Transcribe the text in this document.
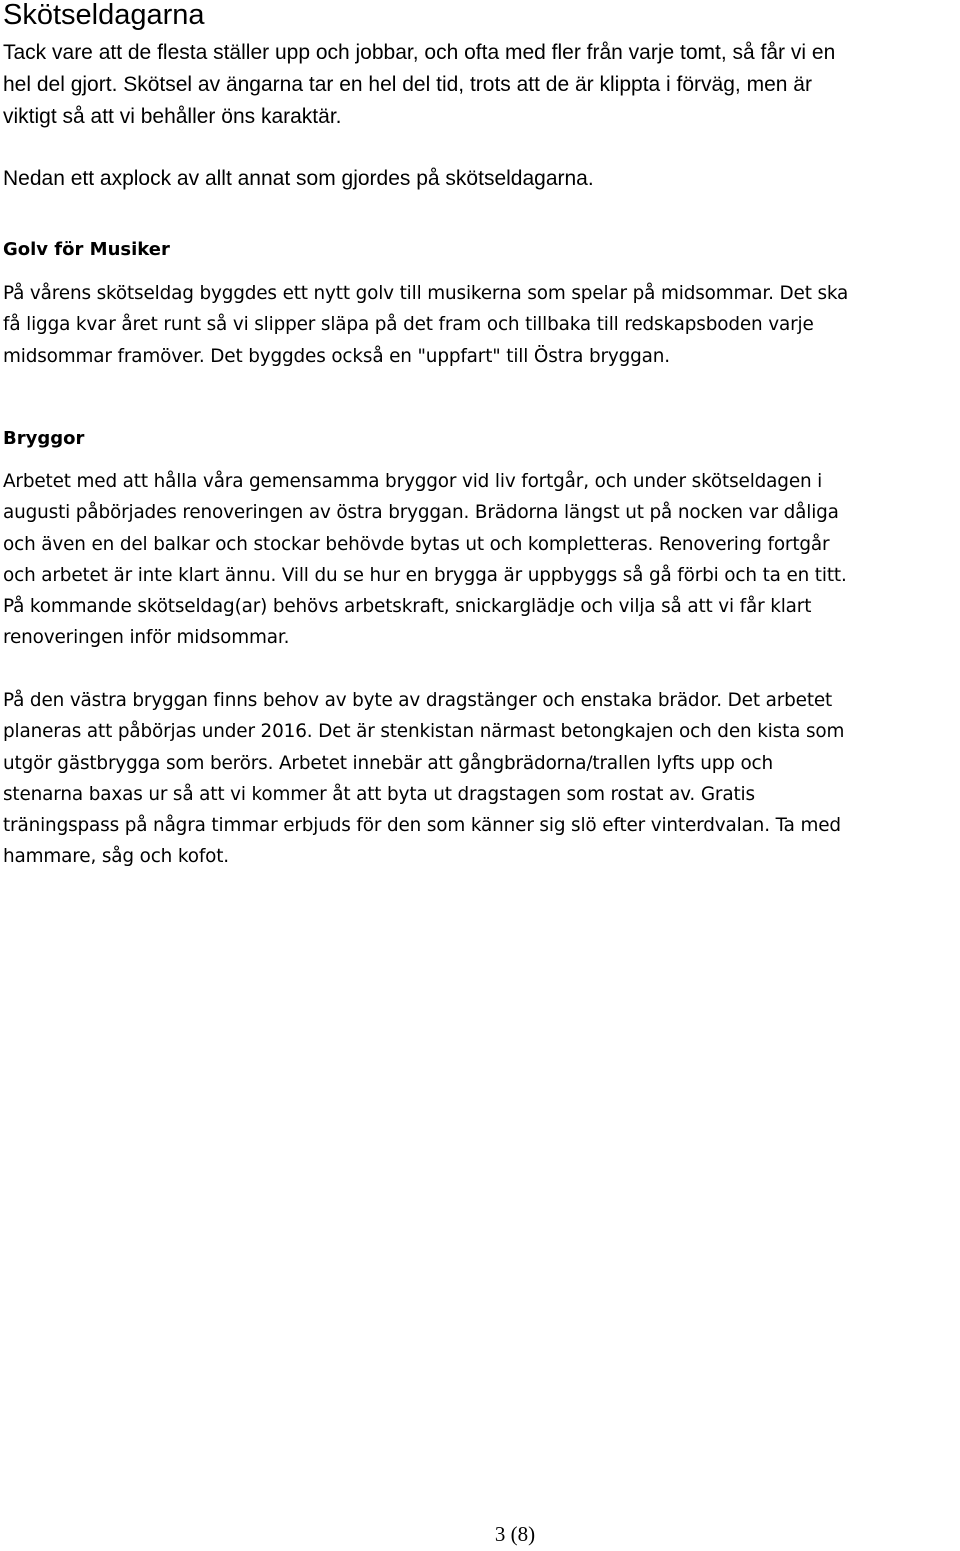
Skötseldagarna

Tack vare att de flesta ställer upp och jobbar, och ofta med fler från varje tomt, så får vi en
hel del gjort. Skötsel av ängarna tar en hel del tid, trots att de är klippta i förväg, men är
viktigt så att vi behåller öns karaktär.

Nedan ett axplock av allt annat som gjordes på skötseldagarna.

Golv för Musiker

På vårens skötseldag byggdes ett nytt golv till musikerna som spelar på midsommar. Det ska
få ligga kvar året runt så vi slipper släpa på det fram och tillbaka till redskapsboden varje
midsommar framöver. Det byggdes också en "uppfart" till Östra bryggan.

Bryggor

Arbetet med att hålla våra gemensamma bryggor vid liv fortgår, och under skötseldagen i
augusti påbörjades renoveringen av östra bryggan. Brädorna längst ut på nocken var dåliga
och även en del balkar och stockar behövde bytas ut och kompletteras. Renovering fortgår
och arbetet är inte klart ännu. Vill du se hur en brygga är uppbyggs så gå förbi och ta en titt.
På kommande skötseldag(ar) behövs arbetskraft, snickarglädje och vilja så att vi får klart
renoveringen inför midsommar.

På den västra bryggan finns behov av byte av dragstänger och enstaka brädor. Det arbetet
planeras att påbörjas under 2016. Det är stenkistan närmast betongkajen och den kista som
utgör gästbrygga som berörs. Arbetet innebär att gångbrädorna/trallen lyfts upp och
stenarna baxas ur så att vi kommer åt att byta ut dragstagen som rostat av. Gratis
träningspass på några timmar erbjuds för den som känner sig slö efter vinterdvalan. Ta med
hammare, såg och kofot.

3 (8)
